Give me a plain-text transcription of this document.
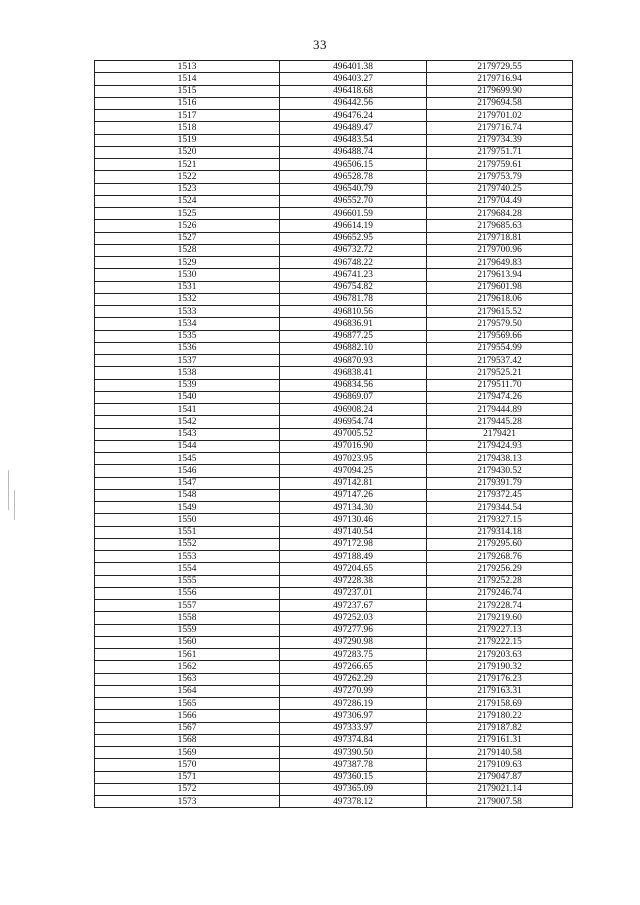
33
1513	496401.38	2179729.55
1514	496403.27	2179716.94
1515	496418.68	2179699.90
1516	496442.56	2179694.58
1517	496476.24	2179701.02
1518	496489.47	2179716.74
1519	496483.54	2179734.39
1520	496488.74	2179751.71
1521	496506.15	2179759.61
1522	496528.78	2179753.79
1523	496540.79	2179740.25
1524	496552.70	2179704.49
1525	496601.59	2179684.28
1526	496614.19	2179685.63
1527	496652.95	2179718.81
1528	496732.72	2179700.96
1529	496748.22	2179649.83
1530	496741.23	2179613.94
1531	496754.82	2179601.98
1532	496781.78	2179618.06
1533	496810.56	2179615.52
1534	496836.91	2179579.50
1535	496877.25	2179569.66
1536	496882.10	2179554.99
1537	496870.93	2179537.42
1538	496838.41	2179525.21
1539	496834.56	2179511.70
1540	496869.07	2179474.26
1541	496908.24	2179444.89
1542	496954.74	2179445.28
1543	497005.52	2179421
1544	497016.90	2179424.93
1545	497023.95	2179438.13
1546	497094.25	2179430.52
1547	497142.81	2179391.79
1548	497147.26	2179372.45
1549	497134.30	2179344.54
1550	497130.46	2179327.15
1551	497140.54	2179314.18
1552	497172.98	2179295.60
1553	497188.49	2179268.76
1554	497204.65	2179256.29
1555	497228.38	2179252.28
1556	497237.01	2179246.74
1557	497237.67	2179228.74
1558	497252.03	2179219.60
1559	497277.96	2179227.13
1560	497290.98	2179222.15
1561	497283.75	2179203.63
1562	497266.65	2179190.32
1563	497262.29	2179176.23
1564	497270.99	2179163.31
1565	497286.19	2179158.69
1566	497306.97	2179180.22
1567	497333.97	2179187.82
1568	497374.84	2179161.31
1569	497390.50	2179140.58
1570	497387.78	2179109.63
1571	497360.15	2179047.87
1572	497365.09	2179021.14
1573	497378.12	2179007.58
